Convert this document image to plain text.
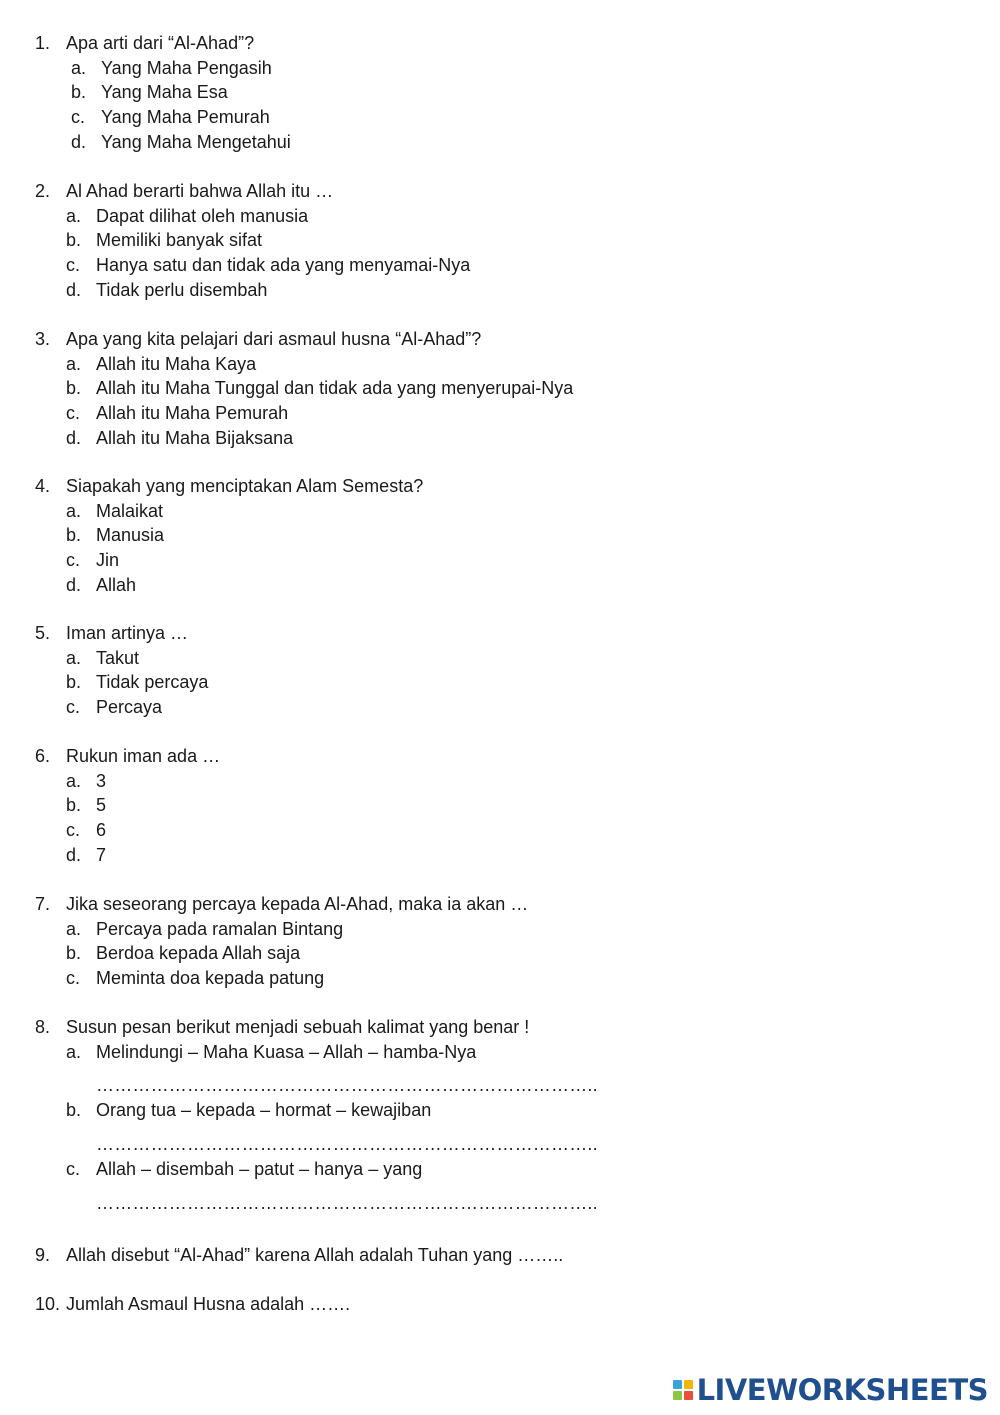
1. Apa arti dari “Al-Ahad”?
a. Yang Maha Pengasih
b. Yang Maha Esa
c. Yang Maha Pemurah
d. Yang Maha Mengetahui
2. Al Ahad berarti bahwa Allah itu …
a. Dapat dilihat oleh manusia
b. Memiliki banyak sifat
c. Hanya satu dan tidak ada yang menyamai-Nya
d. Tidak perlu disembah
3. Apa yang kita pelajari dari asmaul husna “Al-Ahad”?
a. Allah itu Maha Kaya
b. Allah itu Maha Tunggal dan tidak ada yang menyerupai-Nya
c. Allah itu Maha Pemurah
d. Allah itu Maha Bijaksana
4. Siapakah yang menciptakan Alam Semesta?
a. Malaikat
b. Manusia
c. Jin
d. Allah
5. Iman artinya …
a. Takut
b. Tidak percaya
c. Percaya
6. Rukun iman ada …
a. 3
b. 5
c. 6
d. 7
7. Jika seseorang percaya kepada Al-Ahad, maka ia akan …
a. Percaya pada ramalan Bintang
b. Berdoa kepada Allah saja
c. Meminta doa kepada patung
8. Susun pesan berikut menjadi sebuah kalimat yang benar !
a. Melindungi – Maha Kuasa – Allah – hamba-Nya
………………………………………………………………………..
b. Orang tua – kepada – hormat – kewajiban
………………………………………………………………………..
c. Allah – disembah – patut – hanya – yang
………………………………………………………………………..
9. Allah disebut “Al-Ahad” karena Allah adalah Tuhan yang ……..
10. Jumlah Asmaul Husna adalah …….
LIVEWORKSHEETS
